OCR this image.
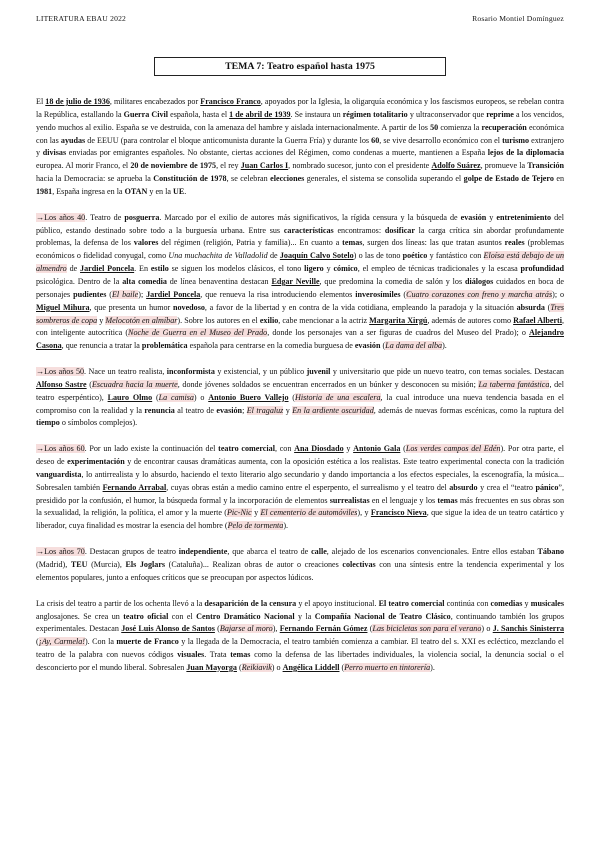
LITERATURA EBAU 2022	Rosario Montiel Domínguez
TEMA 7: Teatro español hasta 1975

El 18 de julio de 1936, militares encabezados por Francisco Franco, apoyados por la Iglesia, la oligarquía económica y los fascismos europeos, se rebelan contra la República, estallando la Guerra Civil española, hasta el 1 de abril de 1939. Se instaura un régimen totalitario y ultraconservador que reprime a los vencidos, yendo muchos al exilio. España se ve destruida, con la amenaza del hambre y aislada internacionalmente. A partir de los 50 comienza la recuperación económica con las ayudas de EEUU (para controlar el bloque anticomunista durante la Guerra Fría) y durante los 60, se vive desarrollo económico con el turismo extranjero y divisas enviadas por emigrantes españoles. No obstante, ciertas acciones del Régimen, como condenas a muerte, mantienen a España lejos de la diplomacia europea. Al morir Franco, el 20 de noviembre de 1975, el rey Juan Carlos I, nombrado sucesor, junto con el presidente Adolfo Suárez, promueve la Transición hacia la Democracia: se aprueba la Constitución de 1978, se celebran elecciones generales, el sistema se consolida superando el golpe de Estado de Tejero en 1981, España ingresa en la OTAN y en la UE.

→Los años 40. Teatro de posguerra. Marcado por el exilio de autores más significativos, la rígida censura y la búsqueda de evasión y entretenimiento del público, estando destinado sobre todo a la burguesía urbana. Entre sus características encontramos: dosificar la carga crítica sin abordar profundamente problemas, la defensa de los valores del régimen (religión, Patria y familia)... En cuanto a temas, surgen dos líneas: las que tratan asuntos reales (problemas económicos o fidelidad conyugal, como Una muchachita de Valladolid de Joaquín Calvo Sotelo) o las de tono poético y fantástico con Eloísa está debajo de un almendro de Jardiel Poncela. En estilo se siguen los modelos clásicos, el tono ligero y cómico, el empleo de técnicas tradicionales y la escasa profundidad psicológica. Dentro de la alta comedia de línea benaventina destacan Edgar Neville, que predomina la comedia de salón y los diálogos cuidados en boca de personajes pudientes (El baile); Jardiel Poncela, que renueva la risa introduciendo elementos inverosímiles (Cuatro corazones con freno y marcha atrás); o Miguel Mihura, que presenta un humor novedoso, a favor de la libertad y en contra de la vida cotidiana, empleando la paradoja y la situación absurda (Tres sombreros de copa y Melocotón en almíbar). Sobre los autores en el exilio, cabe mencionar a la actriz Margarita Xirgú, además de autores como Rafael Alberti, con inteligente autocrítica (Noche de Guerra en el Museo del Prado, donde los personajes van a ser figuras de cuadros del Museo del Prado); o Alejandro Casona, que renuncia a tratar la problemática española para centrarse en la comedia burguesa de evasión (La dama del alba).

→Los años 50. Nace un teatro realista, inconformista y existencial, y un público juvenil y universitario que pide un nuevo teatro, con temas sociales. Destacan Alfonso Sastre (Escuadra hacia la muerte, donde jóvenes soldados se encuentran encerrados en un búnker y desconocen su misión; La taberna fantástica, del teatro esperpéntico), Lauro Olmo (La camisa) o Antonio Buero Vallejo (Historia de una escalera, la cual introduce una nueva tendencia basada en el compromiso con la realidad y la renuncia al teatro de evasión; El tragaluz y En la ardiente oscuridad, además de nuevas formas escénicas, como la ruptura del tiempo o símbolos complejos).

→Los años 60. Por un lado existe la continuación del teatro comercial, con Ana Diosdado y Antonio Gala (Los verdes campos del Edén). Por otra parte, el deseo de experimentación y de encontrar causas dramáticas aumenta, con la oposición estética a los realistas. Este teatro experimental conecta con la tradición vanguardista, lo antirrealista y lo absurdo, haciendo el texto literario algo secundario y dando importancia a los efectos especiales, la escenografía, la música... Sobresalen también Fernando Arrabal, cuyas obras están a medio camino entre el esperpento, el surrealismo y el teatro del absurdo y crea el “teatro pánico”, presidido por la confusión, el humor, la búsqueda formal y la incorporación de elementos surrealistas en el lenguaje y los temas más frecuentes en sus obras son la sexualidad, la religión, la política, el amor y la muerte (Pic-Nic y El cementerio de automóviles), y Francisco Nieva, que sigue la idea de un teatro catártico y liberador, cuya finalidad es mostrar la esencia del hombre (Pelo de tormenta).

→Los años 70. Destacan grupos de teatro independiente, que abarca el teatro de calle, alejado de los escenarios convencionales. Entre ellos estaban Tábano (Madrid), TEU (Murcia), Els Joglars (Cataluña)... Realizan obras de autor o creaciones colectivas con una síntesis entre la tendencia experimental y los elementos populares, junto a enfoques críticos que se preocupan por aspectos lúdicos.

La crisis del teatro a partir de los ochenta llevó a la desaparición de la censura y el apoyo institucional. El teatro comercial continúa con comedias y musicales anglosajones. Se crea un teatro oficial con el Centro Dramático Nacional y la Compañía Nacional de Teatro Clásico, continuando también los grupos experimentales. Destacan José Luis Alonso de Santos (Bajarse al moro), Fernando Fernán Gómez (Las bicicletas son para el verano) o J. Sanchis Sinisterra (¡Ay, Carmela!). Con la muerte de Franco y la llegada de la Democracia, el teatro también comienza a cambiar. El teatro del s. XXI es ecléctico, mezclando el teatro de la palabra con nuevos códigos visuales. Trata temas como la defensa de las libertades individuales, la violencia social, la denuncia social o el desconcierto por el mundo liberal. Sobresalen Juan Mayorga (Reikiavik) o Angélica Liddell (Perro muerto en tintorería).
